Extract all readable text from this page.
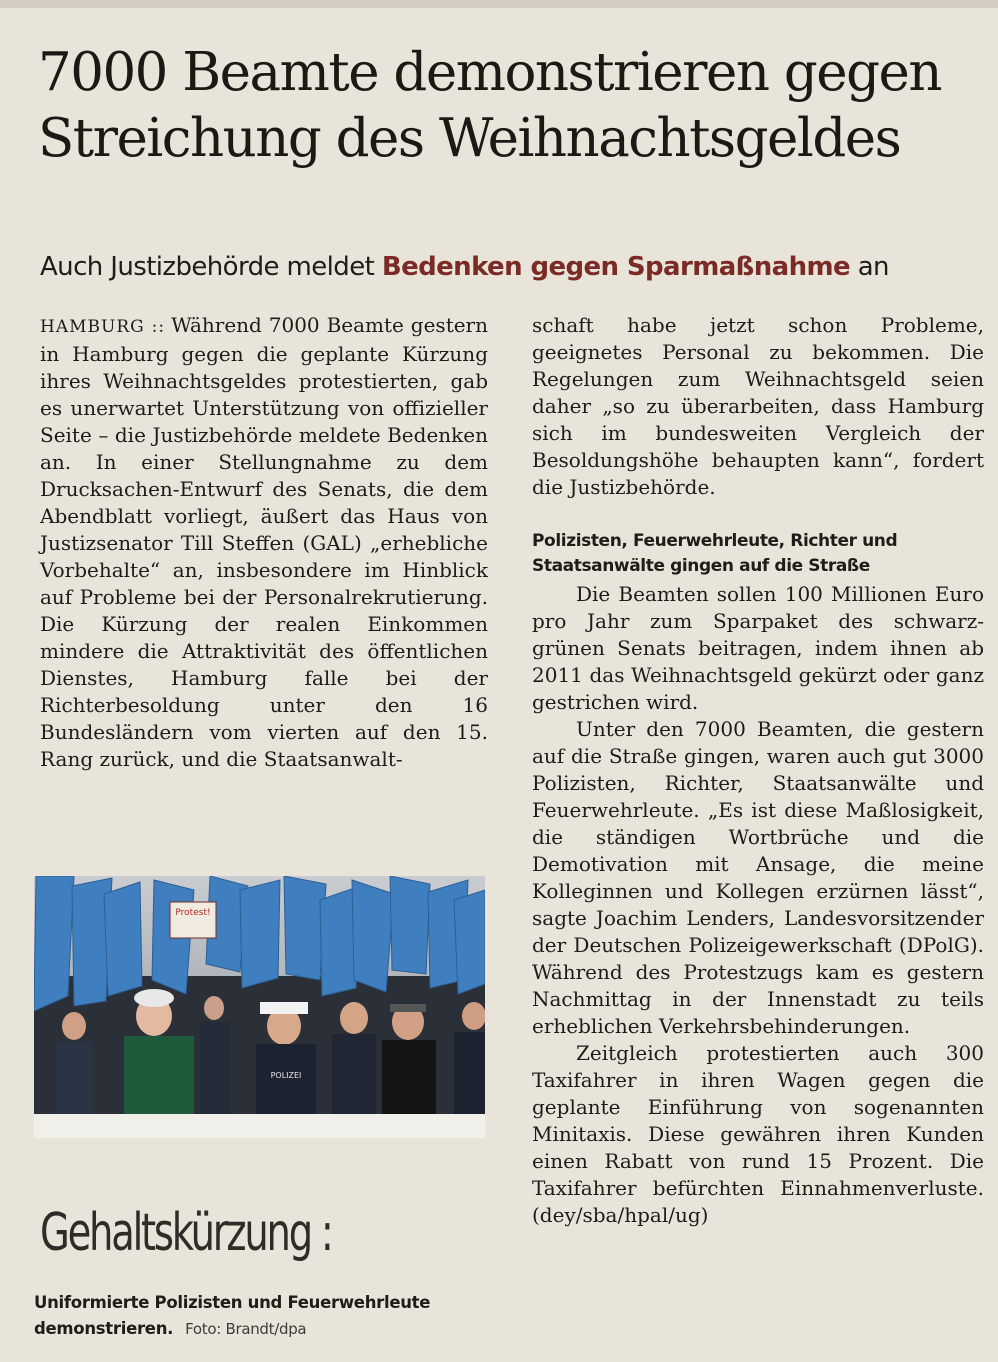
7000 Beamte demonstrieren gegen
Streichung des Weihnachtsgeldes
Auch Justizbehörde meldet Bedenken gegen Sparmaßnahme an

HAMBURG :: Während 7000 Beamte gestern in Hamburg gegen die geplante Kürzung ihres Weihnachtsgeldes protestierten, gab es unerwartet Unterstützung von offizieller Seite – die Justizbehörde meldete Bedenken an. In einer Stellungnahme zu dem Drucksachen-Entwurf des Senats, die dem Abendblatt vorliegt, äußert das Haus von Justizsenator Till Steffen (GAL) „erhebliche Vorbehalte“ an, insbesondere im Hinblick auf Probleme bei der Personalrekrutierung. Die Kürzung der realen Einkommen mindere die Attraktivität des öffentlichen Dienstes, Hamburg falle bei der Richterbesoldung unter den 16 Bundesländern vom vierten auf den 15. Rang zurück, und die Staatsanwalt-

Protest!
POLIZEI
Gehaltskürzung :
Uniformierte Polizisten und Feuerwehrleute demonstrieren. Foto: Brandt/dpa

schaft habe jetzt schon Probleme, geeignetes Personal zu bekommen. Die Regelungen zum Weihnachtsgeld seien daher „so zu überarbeiten, dass Hamburg sich im bundesweiten Vergleich der Besoldungshöhe behaupten kann“, fordert die Justizbehörde.

Polizisten, Feuerwehrleute, Richter und Staatsanwälte gingen auf die Straße

Die Beamten sollen 100 Millionen Euro pro Jahr zum Sparpaket des schwarz-grünen Senats beitragen, indem ihnen ab 2011 das Weihnachtsgeld gekürzt oder ganz gestrichen wird.

Unter den 7000 Beamten, die gestern auf die Straße gingen, waren auch gut 3000 Polizisten, Richter, Staatsanwälte und Feuerwehrleute. „Es ist diese Maßlosigkeit, die ständigen Wortbrüche und die Demotivation mit Ansage, die meine Kolleginnen und Kollegen erzürnen lässt“, sagte Joachim Lenders, Landesvorsitzender der Deutschen Polizeigewerkschaft (DPolG). Während des Protestzugs kam es gestern Nachmittag in der Innenstadt zu teils erheblichen Verkehrsbehinderungen.

Zeitgleich protestierten auch 300 Taxifahrer in ihren Wagen gegen die geplante Einführung von sogenannten Minitaxis. Diese gewähren ihren Kunden einen Rabatt von rund 15 Prozent. Die Taxifahrer befürchten Einnahmenverluste. (dey/sba/hpal/ug)
